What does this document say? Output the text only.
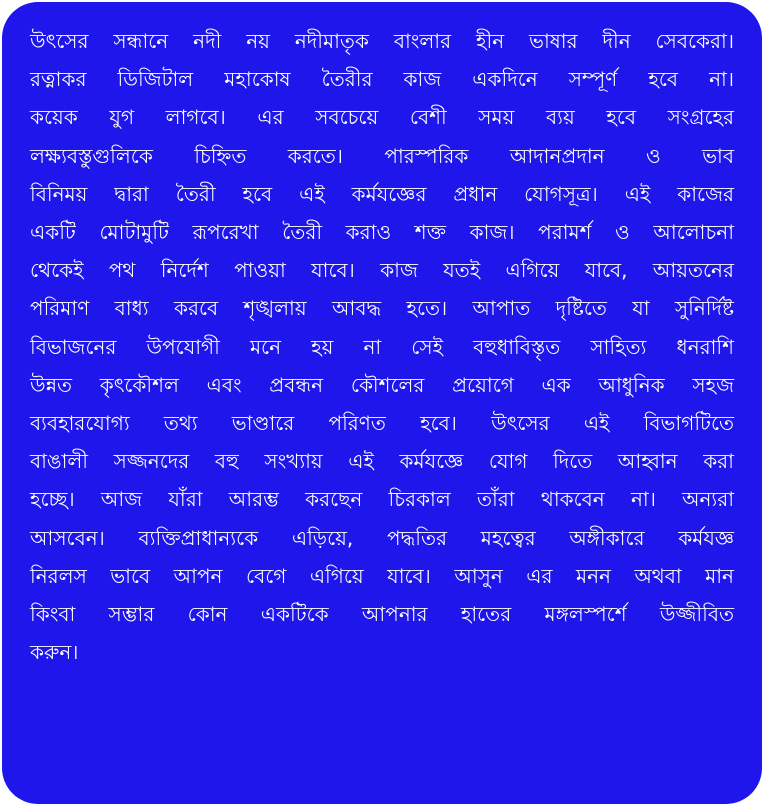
উৎসের সন্ধানে নদী নয় নদীমাতৃক বাংলার হীন ভাষার দীন সেবকেরা।
রত্নাকর ডিজিটাল মহাকোষ তৈরীর কাজ একদিনে সম্পূর্ণ হবে না।
কয়েক যুগ লাগবে। এর সবচেয়ে বেশী সময় ব্যয় হবে সংগ্রহের
লক্ষ্যবস্তুগুলিকে চিহ্নিত করতে। পারস্পরিক আদানপ্রদান ও ভাব
বিনিময় দ্বারা তৈরী হবে এই কর্মযজ্ঞের প্রধান যোগসূত্র। এই কাজের
একটি মোটামুটি রূপরেখা তৈরী করাও শক্ত কাজ। পরামর্শ ও আলোচনা
থেকেই পথ নির্দেশ পাওয়া যাবে। কাজ যতই এগিয়ে যাবে, আয়তনের
পরিমাণ বাধ্য করবে শৃঙ্খলায় আবদ্ধ হতে। আপাত দৃষ্টিতে যা সুনির্দিষ্ট
বিভাজনের উপযোগী মনে হয় না সেই বহুধাবিস্তৃত সাহিত্য ধনরাশি
উন্নত কৃৎকৌশল এবং প্রবন্ধন কৌশলের প্রয়োগে এক আধুনিক সহজ
ব্যবহারযোগ্য তথ্য ভাণ্ডারে পরিণত হবে। উৎসের এই বিভাগটিতে
বাঙালী সজ্জনদের বহু সংখ্যায় এই কর্মযজ্ঞে যোগ দিতে আহ্বান করা
হচ্ছে। আজ যাঁরা আরম্ভ করছেন চিরকাল তাঁরা থাকবেন না। অন্যরা
আসবেন। ব্যক্তিপ্রাধান্যকে এড়িয়ে, পদ্ধতির মহত্বের অঙ্গীকারে কর্মযজ্ঞ
নিরলস ভাবে আপন বেগে এগিয়ে যাবে। আসুন এর মনন অথবা মান
কিংবা সম্ভার কোন একটিকে আপনার হাতের মঙ্গলস্পর্শে উজ্জীবিত
করুন।
